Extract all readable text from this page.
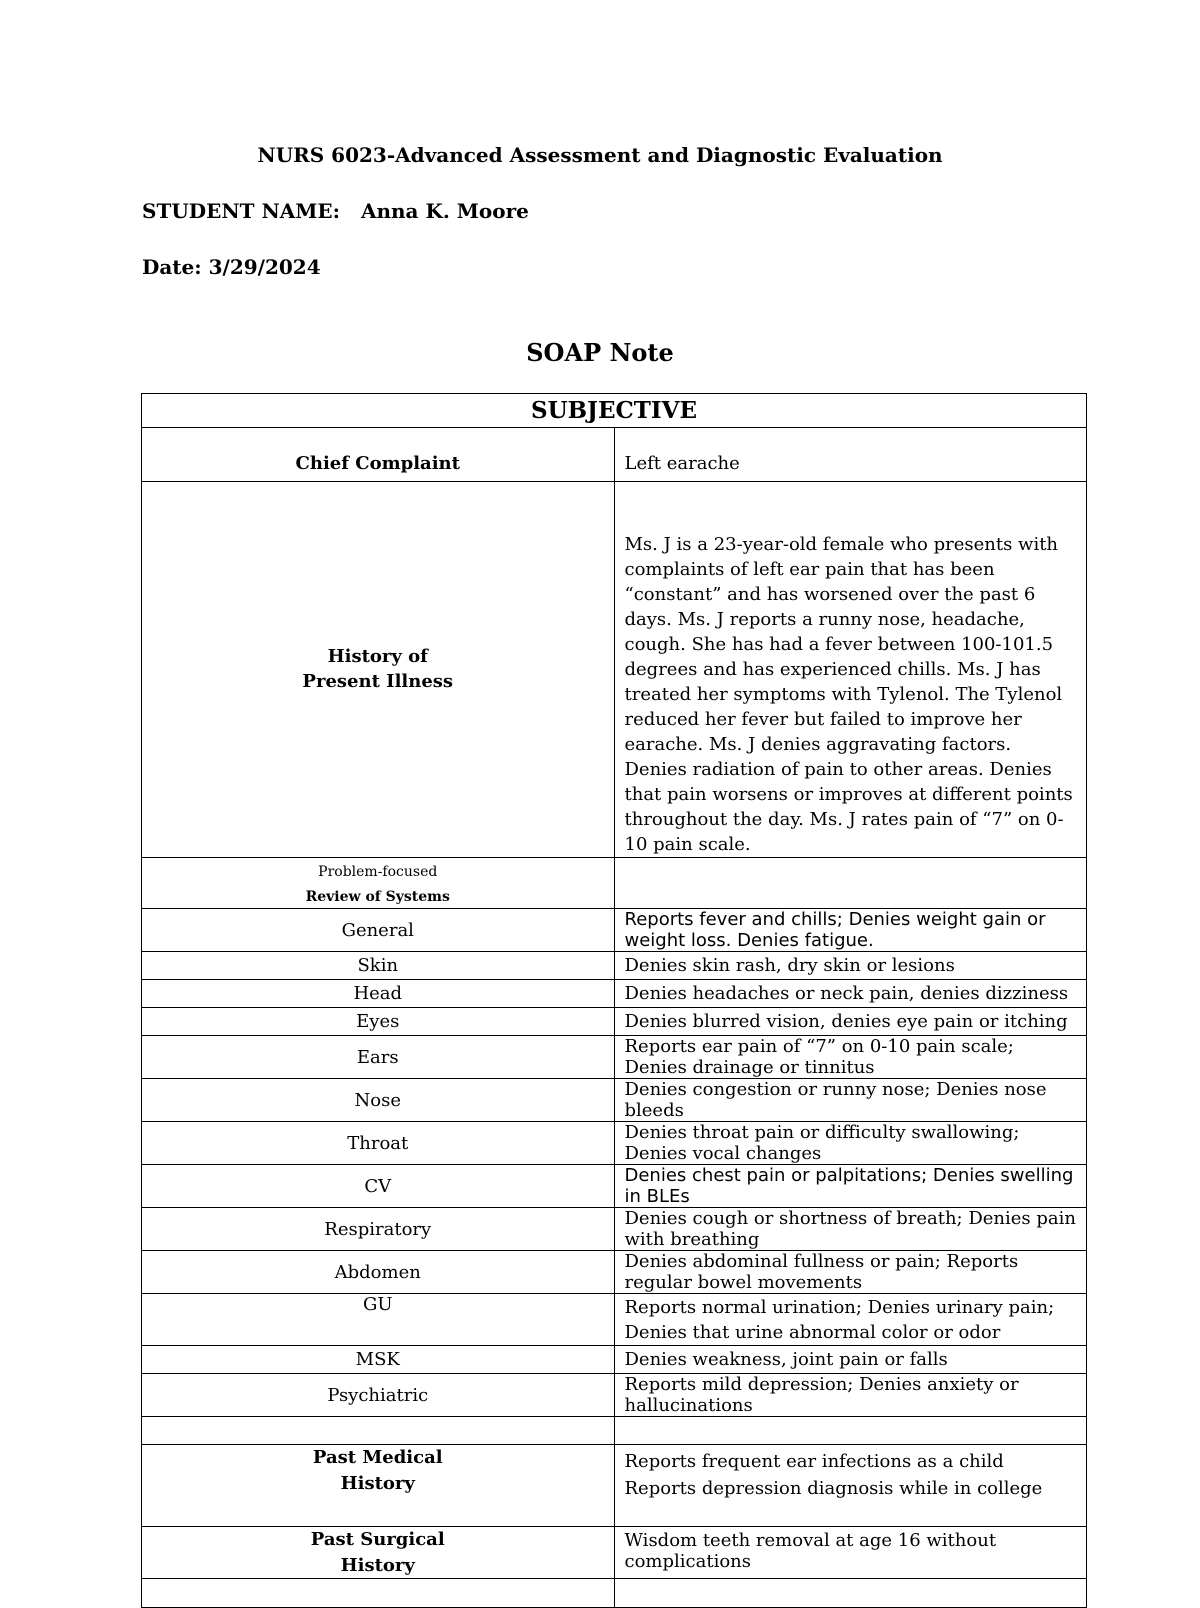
NURS 6023-Advanced Assessment and Diagnostic Evaluation
STUDENT NAME: Anna K. Moore
Date: 3/29/2024
SOAP Note
SUBJECTIVE	
Chief Complaint	Left earache
History of
Present Illness	Ms. J is a 23-year-old female who presents with complaints of left ear pain that has been “constant” and has worsened over the past 6 days. Ms. J reports a runny nose, headache, cough. She has had a fever between 100-101.5 degrees and has experienced chills. Ms. J has treated her symptoms with Tylenol. The Tylenol reduced her fever but failed to improve her earache. Ms. J denies aggravating factors. Denies radiation of pain to other areas. Denies that pain worsens or improves at different points throughout the day. Ms. J rates pain of “7” on 0-10 pain scale.
Problem-focused
Review of Systems	
General	Reports fever and chills; Denies weight gain or weight loss. Denies fatigue.
Skin	Denies skin rash, dry skin or lesions
Head	Denies headaches or neck pain, denies dizziness
Eyes	Denies blurred vision, denies eye pain or itching
Ears	Reports ear pain of “7” on 0-10 pain scale; Denies drainage or tinnitus
Nose	Denies congestion or runny nose; Denies nose bleeds
Throat	Denies throat pain or difficulty swallowing; Denies vocal changes
CV	Denies chest pain or palpitations; Denies swelling in BLEs
Respiratory	Denies cough or shortness of breath; Denies pain with breathing
Abdomen	Denies abdominal fullness or pain; Reports regular bowel movements
GU	Reports normal urination; Denies urinary pain; Denies that urine abnormal color or odor
MSK	Denies weakness, joint pain or falls
Psychiatric	Reports mild depression; Denies anxiety or hallucinations

Past Medical
History	Reports frequent ear infections as a child
Reports depression diagnosis while in college
Past Surgical
History	Wisdom teeth removal at age 16 without complications
